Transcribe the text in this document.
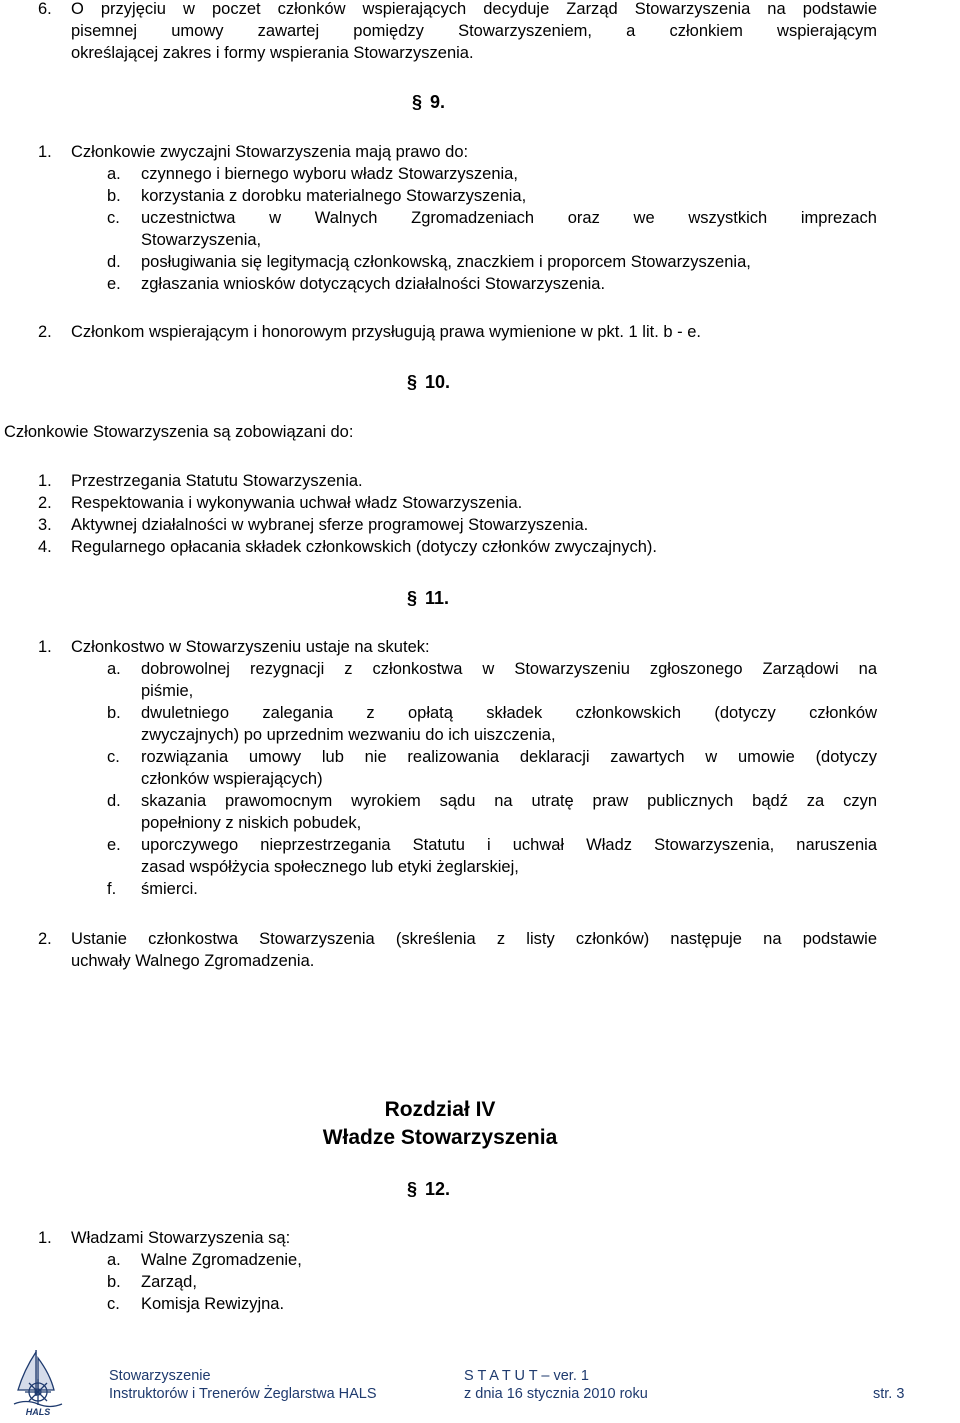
6. O przyjęciu w poczet członków wspierających decyduje Zarząd Stowarzyszenia na podstawie
pisemnej umowy zawartej pomiędzy Stowarzyszeniem, a członkiem wspierającym
określającej zakres i formy wspierania Stowarzyszenia.
§ 9.
1. Członkowie zwyczajni Stowarzyszenia mają prawo do:
a. czynnego i biernego wyboru władz Stowarzyszenia,
b. korzystania z dorobku materialnego Stowarzyszenia,
c. uczestnictwa w Walnych Zgromadzeniach oraz we wszystkich imprezach
Stowarzyszenia,
d. posługiwania się legitymacją członkowską, znaczkiem i proporcem Stowarzyszenia,
e. zgłaszania wniosków dotyczących działalności Stowarzyszenia.
2. Członkom wspierającym i honorowym przysługują prawa wymienione w pkt. 1 lit. b - e.
§ 10.
Członkowie Stowarzyszenia są zobowiązani do:
1. Przestrzegania Statutu Stowarzyszenia.
2. Respektowania i wykonywania uchwał władz Stowarzyszenia.
3. Aktywnej działalności w wybranej sferze programowej Stowarzyszenia.
4. Regularnego opłacania składek członkowskich (dotyczy członków zwyczajnych).
§ 11.
1. Członkostwo w Stowarzyszeniu ustaje na skutek:
a. dobrowolnej rezygnacji z członkostwa w Stowarzyszeniu zgłoszonego Zarządowi na
piśmie,
b. dwuletniego zalegania z opłatą składek członkowskich (dotyczy członków
zwyczajnych) po uprzednim wezwaniu do ich uiszczenia,
c. rozwiązania umowy lub nie realizowania deklaracji zawartych w umowie (dotyczy
członków wspierających)
d. skazania prawomocnym wyrokiem sądu na utratę praw publicznych bądź za czyn
popełniony z niskich pobudek,
e. uporczywego nieprzestrzegania Statutu i uchwał Władz Stowarzyszenia, naruszenia
zasad współżycia społecznego lub etyki żeglarskiej,
f. śmierci.
2. Ustanie członkostwa Stowarzyszenia (skreślenia z listy członków) następuje na podstawie
uchwały Walnego Zgromadzenia.
Rozdział IV
Władze Stowarzyszenia
§ 12.
1. Władzami Stowarzyszenia są:
a. Walne Zgromadzenie,
b. Zarząd,
c. Komisja Rewizyjna.
HALS
Stowarzyszenie
Instruktorów i Trenerów Żeglarstwa HALS
S T A T U T – ver. 1
z dnia 16 stycznia 2010 roku	str. 3
